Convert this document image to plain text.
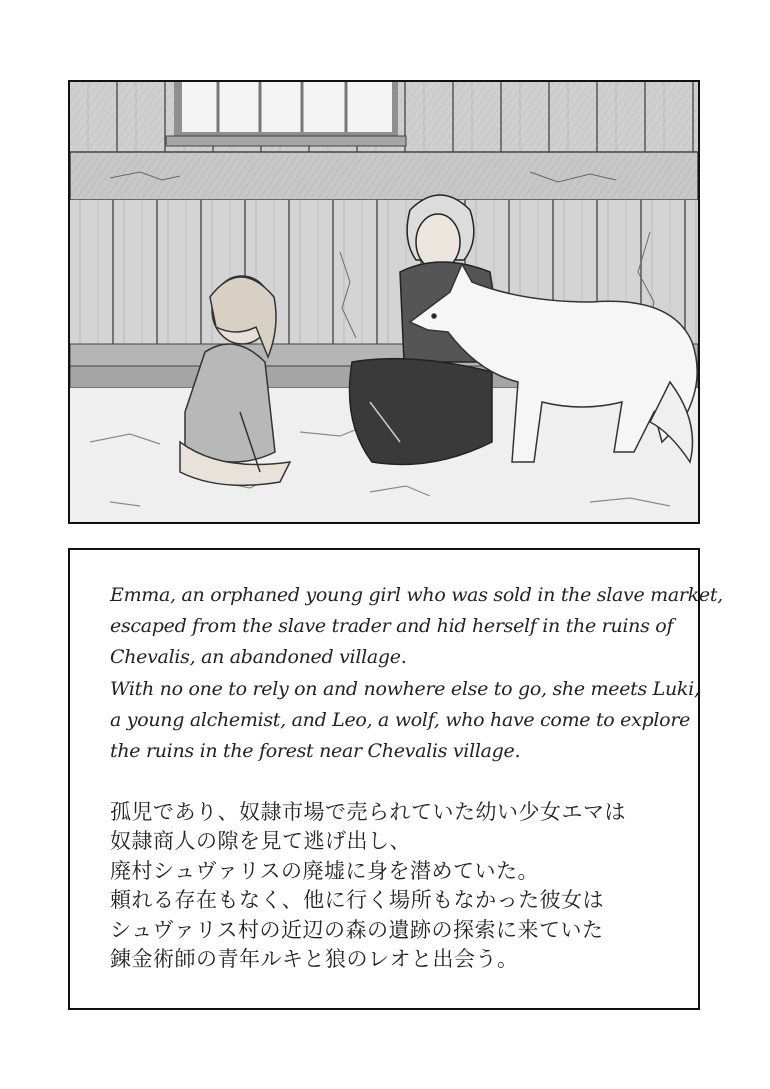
Emma, an orphaned young girl who was sold in the slave market,
escaped from the slave trader and hid herself in the ruins of
Chevalis, an abandoned village.
With no one to rely on and nowhere else to go, she meets Luki,
a young alchemist, and Leo, a wolf, who have come to explore
the ruins in the forest near Chevalis village.
孤児であり、奴隷市場で売られていた幼い少女エマは
奴隷商人の隙を見て逃げ出し、
廃村シュヴァリスの廃墟に身を潜めていた。
頼れる存在もなく、他に行く場所もなかった彼女は
シュヴァリス村の近辺の森の遺跡の探索に来ていた
錬金術師の青年ルキと狼のレオと出会う。
